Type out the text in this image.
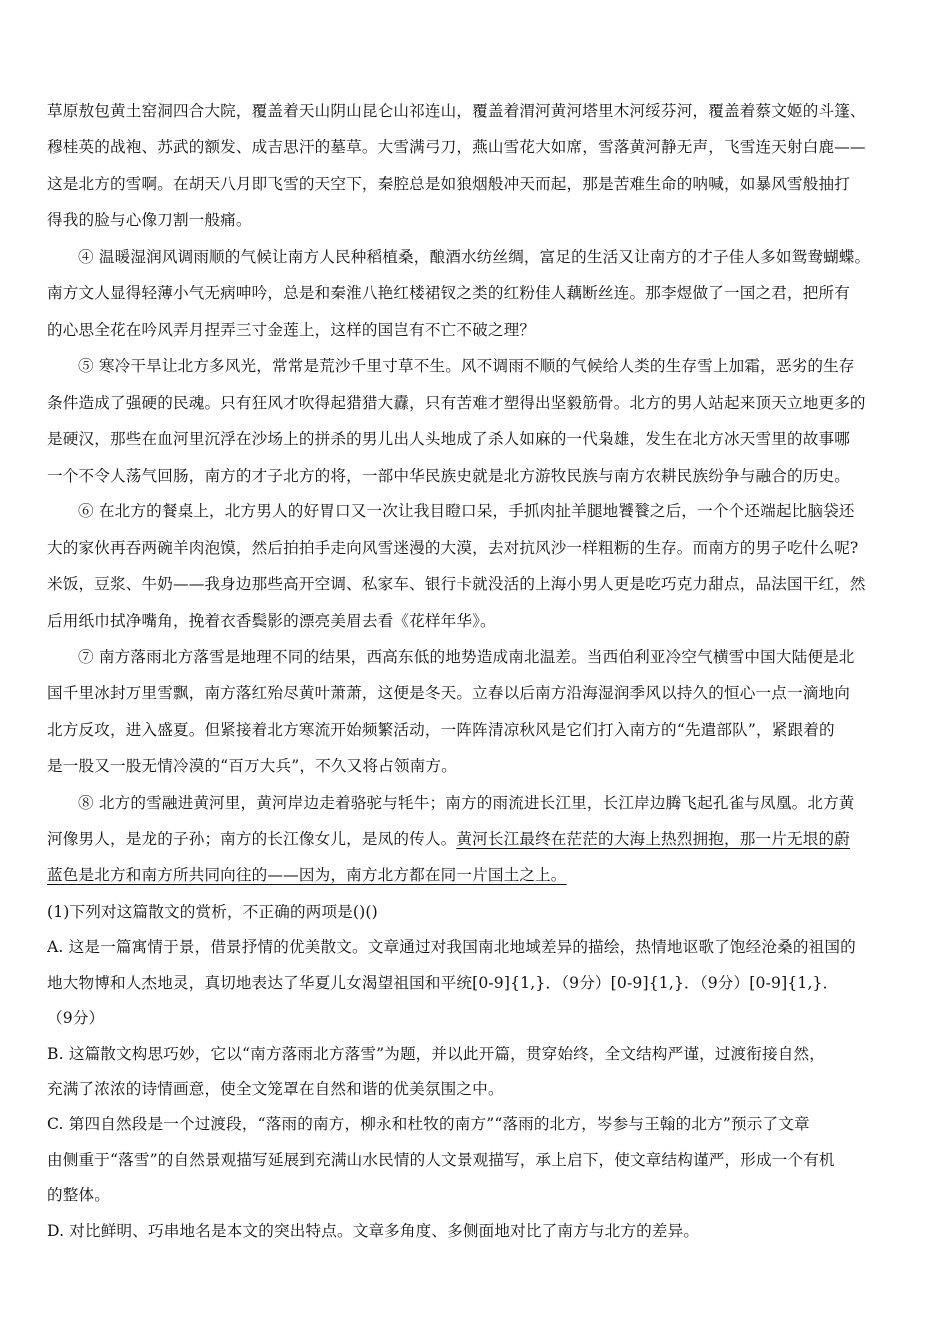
草原敖包黄土窑洞四合大院，覆盖着天山阴山昆仑山祁连山，覆盖着渭河黄河塔里木河绥芬河，覆盖着蔡文姬的斗篷、
穆桂英的战袍、苏武的额发、成吉思汗的墓草。大雪满弓刀，燕山雪花大如席，雪落黄河静无声，飞雪连天射白鹿——
这是北方的雪啊。在胡天八月即飞雪的天空下，秦腔总是如狼烟般冲天而起，那是苦难生命的呐喊，如暴风雪般抽打
得我的脸与心像刀割一般痛。
④ 温暖湿润风调雨顺的气候让南方人民种稻植桑，酿酒水纺丝绸，富足的生活又让南方的才子佳人多如鸳鸯蝴蝶。
南方文人显得轻薄小气无病呻吟，总是和秦淮八艳红楼裙钗之类的红粉佳人藕断丝连。那李煜做了一国之君，把所有
的心思全花在吟风弄月捏弄三寸金莲上，这样的国岂有不亡不破之理？
⑤ 寒冷干旱让北方多风光，常常是荒沙千里寸草不生。风不调雨不顺的气候给人类的生存雪上加霜，恶劣的生存
条件造成了强硬的民魂。只有狂风才吹得起猎猎大纛，只有苦难才塑得出坚毅筋骨。北方的男人站起来顶天立地更多的
是硬汉，那些在血河里沉浮在沙场上的拼杀的男儿出人头地成了杀人如麻的一代枭雄，发生在北方冰天雪里的故事哪
一个不令人荡气回肠，南方的才子北方的将，一部中华民族史就是北方游牧民族与南方农耕民族纷争与融合的历史。
⑥ 在北方的餐桌上，北方男人的好胃口又一次让我目瞪口呆，手抓肉扯羊腿地饕餮之后，一个个还端起比脑袋还
大的家伙再吞两碗羊肉泡馍，然后拍拍手走向风雪迷漫的大漠，去对抗风沙一样粗粝的生存。而南方的男子吃什么呢?
米饭，豆浆、牛奶——我身边那些高开空调、私家车、银行卡就没活的上海小男人更是吃巧克力甜点，品法国干红，然
后用纸巾拭净嘴角，挽着衣香鬓影的漂亮美眉去看《花样年华》。
⑦ 南方落雨北方落雪是地理不同的结果，西高东低的地势造成南北温差。当西伯利亚冷空气横雪中国大陆便是北
国千里冰封万里雪飘，南方落红殆尽黄叶萧萧，这便是冬天。立春以后南方沿海湿润季风以持久的恒心一点一滴地向
北方反攻，进入盛夏。但紧接着北方寒流开始频繁活动，一阵阵清凉秋风是它们打入南方的“先遣部队”，紧跟着的
是一股又一股无情冷漠的“百万大兵”，不久又将占领南方。
⑧ 北方的雪融进黄河里，黄河岸边走着骆驼与牦牛；南方的雨流进长江里，长江岸边腾飞起孔雀与凤凰。北方黄
河像男人，是龙的子孙；南方的长江像女儿，是凤的传人。黄河长江最终在茫茫的大海上热烈拥抱，那一片无垠的蔚
蓝色是北方和南方所共同向往的——因为，南方北方都在同一片国土之上。
(1)下列对这篇散文的赏析，不正确的两项是()()
A. 这是一篇寓情于景，借景抒情的优美散文。文章通过对我国南北地域差异的描绘，热情地讴歌了饱经沧桑的祖国的
地大物博和人杰地灵，真切地表达了华夏儿女渴望祖国和平统[0-9]{1,}．（9分）[0-9]{1,}．（9分）[0-9]{1,}．
（9分）
B. 这篇散文构思巧妙，它以“南方落雨北方落雪”为题，并以此开篇，贯穿始终，全文结构严谨，过渡衔接自然，
充满了浓浓的诗情画意，使全文笼罩在自然和谐的优美氛围之中。
C. 第四自然段是一个过渡段，“落雨的南方，柳永和杜牧的南方”“落雨的北方，岑参与王翰的北方”预示了文章
由侧重于“落雪”的自然景观描写延展到充满山水民情的人文景观描写，承上启下，使文章结构谨严，形成一个有机
的整体。
D. 对比鲜明、巧串地名是本文的突出特点。文章多角度、多侧面地对比了南方与北方的差异。
